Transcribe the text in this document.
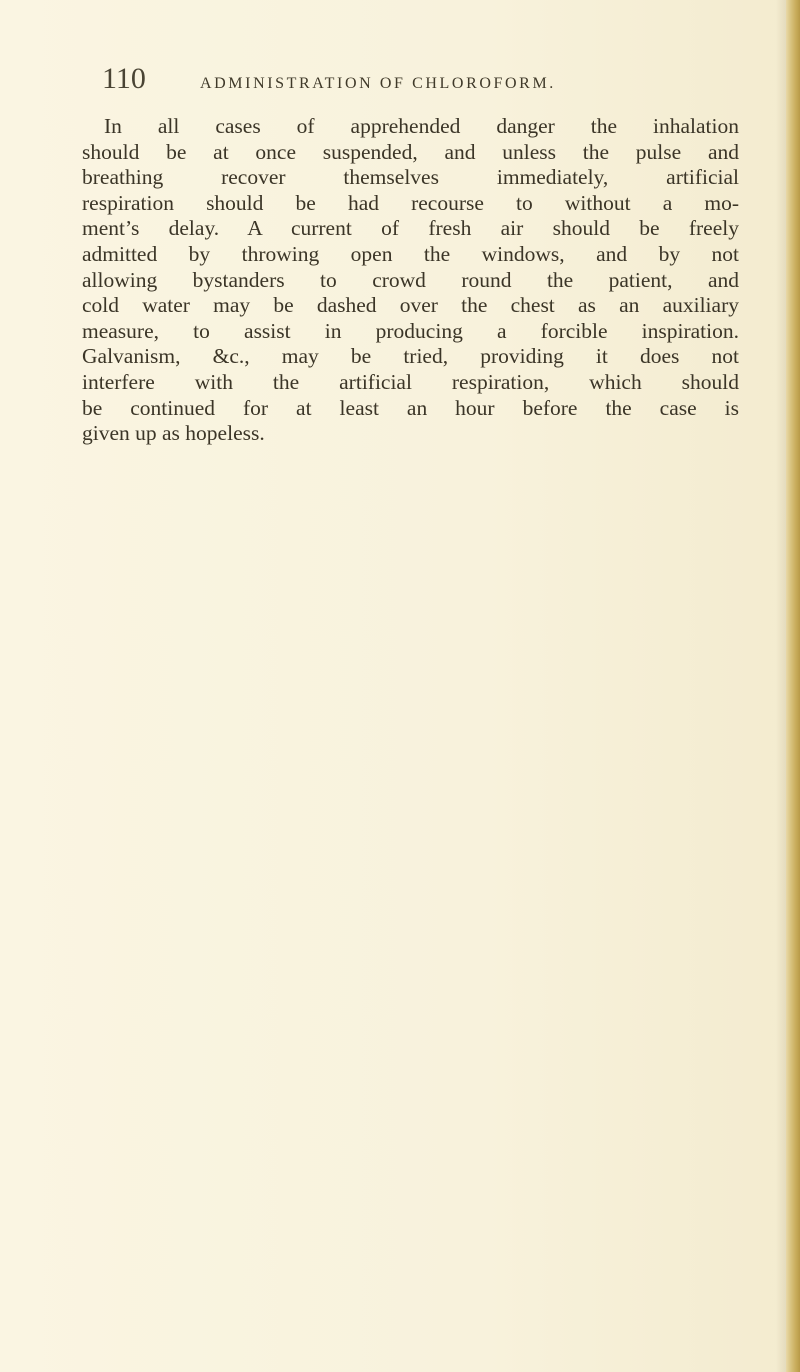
110	ADMINISTRATION OF CHLOROFORM.
In all cases of apprehended danger the inhalation
should be at once suspended, and unless the pulse and
breathing recover themselves immediately, artificial
respiration should be had recourse to without a mo-
ment’s delay. A current of fresh air should be freely
admitted by throwing open the windows, and by not
allowing bystanders to crowd round the patient, and
cold water may be dashed over the chest as an auxiliary
measure, to assist in producing a forcible inspiration.
Galvanism, &c., may be tried, providing it does not
interfere with the artificial respiration, which should
be continued for at least an hour before the case is
given up as hopeless.
